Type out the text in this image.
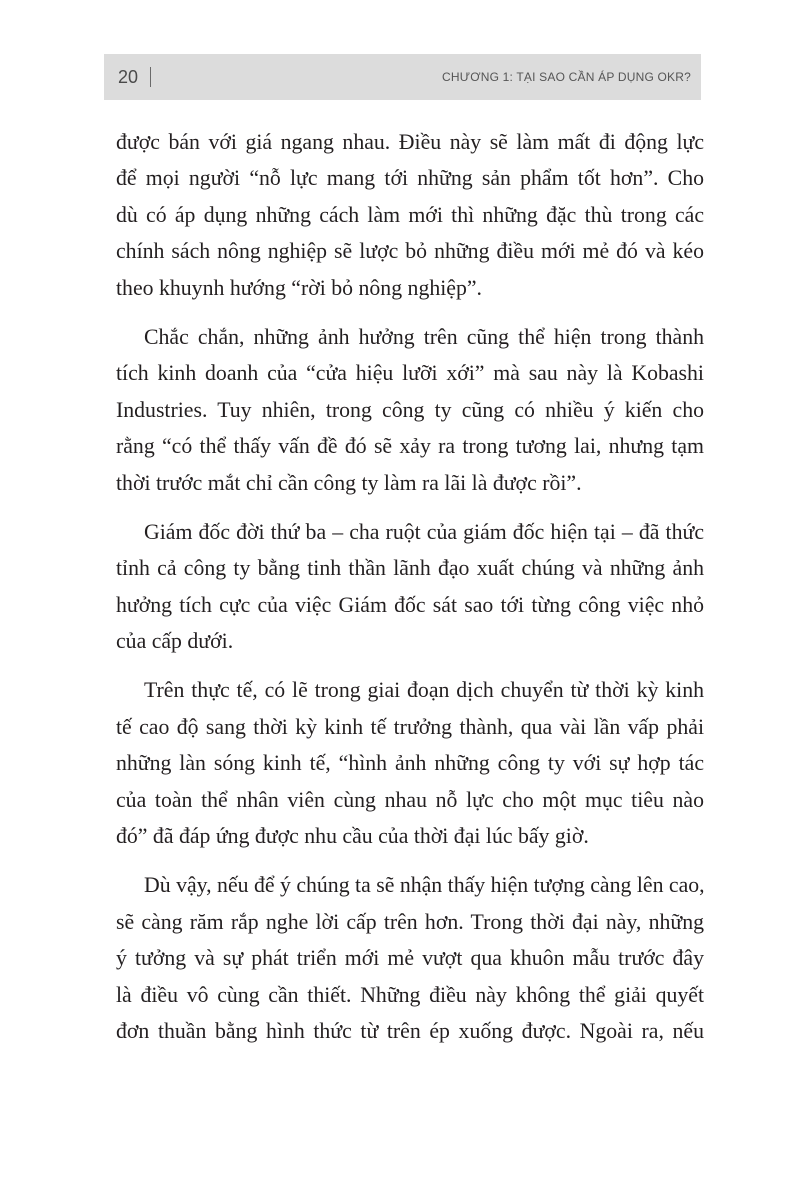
20	CHƯƠNG 1: TẠI SAO CẦN ÁP DỤNG OKR?
được bán với giá ngang nhau. Điều này sẽ làm mất đi động lực
để mọi người “nỗ lực mang tới những sản phẩm tốt hơn”. Cho
dù có áp dụng những cách làm mới thì những đặc thù trong các
chính sách nông nghiệp sẽ lược bỏ những điều mới mẻ đó và kéo
theo khuynh hướng “rời bỏ nông nghiệp”.
Chắc chắn, những ảnh hưởng trên cũng thể hiện trong thành
tích kinh doanh của “cửa hiệu lưỡi xới” mà sau này là Kobashi
Industries. Tuy nhiên, trong công ty cũng có nhiều ý kiến cho
rằng “có thể thấy vấn đề đó sẽ xảy ra trong tương lai, nhưng tạm
thời trước mắt chỉ cần công ty làm ra lãi là được rồi”.
Giám đốc đời thứ ba – cha ruột của giám đốc hiện tại – đã thức
tỉnh cả công ty bằng tinh thần lãnh đạo xuất chúng và những ảnh
hưởng tích cực của việc Giám đốc sát sao tới từng công việc nhỏ
của cấp dưới.
Trên thực tế, có lẽ trong giai đoạn dịch chuyển từ thời kỳ kinh
tế cao độ sang thời kỳ kinh tế trưởng thành, qua vài lần vấp phải
những làn sóng kinh tế, “hình ảnh những công ty với sự hợp tác
của toàn thể nhân viên cùng nhau nỗ lực cho một mục tiêu nào
đó” đã đáp ứng được nhu cầu của thời đại lúc bấy giờ.
Dù vậy, nếu để ý chúng ta sẽ nhận thấy hiện tượng càng lên cao,
sẽ càng răm rắp nghe lời cấp trên hơn. Trong thời đại này, những
ý tưởng và sự phát triển mới mẻ vượt qua khuôn mẫu trước đây
là điều vô cùng cần thiết. Những điều này không thể giải quyết
đơn thuần bằng hình thức từ trên ép xuống được. Ngoài ra, nếu
